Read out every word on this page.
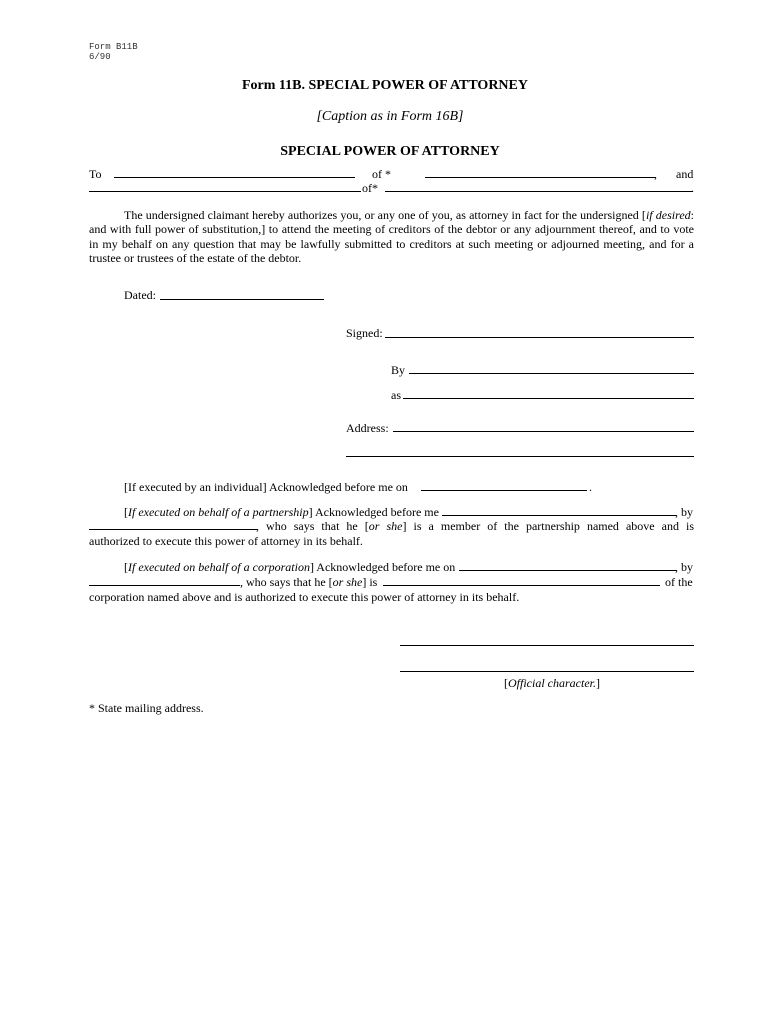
Form B11B
6/90
Form 11B. SPECIAL POWER OF ATTORNEY
[Caption as in Form 16B]
SPECIAL POWER OF ATTORNEY
To	of *	, and
of*	.
The undersigned claimant hereby authorizes you, or any one of you, as attorney in fact for the undersigned [if desired: and with full power of substitution,] to attend the meeting of creditors of the debtor or any adjournment thereof, and to vote in my behalf on any question that may be lawfully submitted to creditors at such meeting or adjourned meeting, and for a trustee or trustees of the estate of the debtor.
Dated:
Signed:
By
as
Address:
[If executed by an individual] Acknowledged before me on	.
[If executed on behalf of a partnership] Acknowledged before me	, by
, who says that he [or she] is a member of the partnership named above and is
authorized to execute this power of attorney in its behalf.
[If executed on behalf of a corporation] Acknowledged before me on	, by
, who says that he [or she] is	of the
corporation named above and is authorized to execute this power of attorney in its behalf.
[Official character.]
* State mailing address.
